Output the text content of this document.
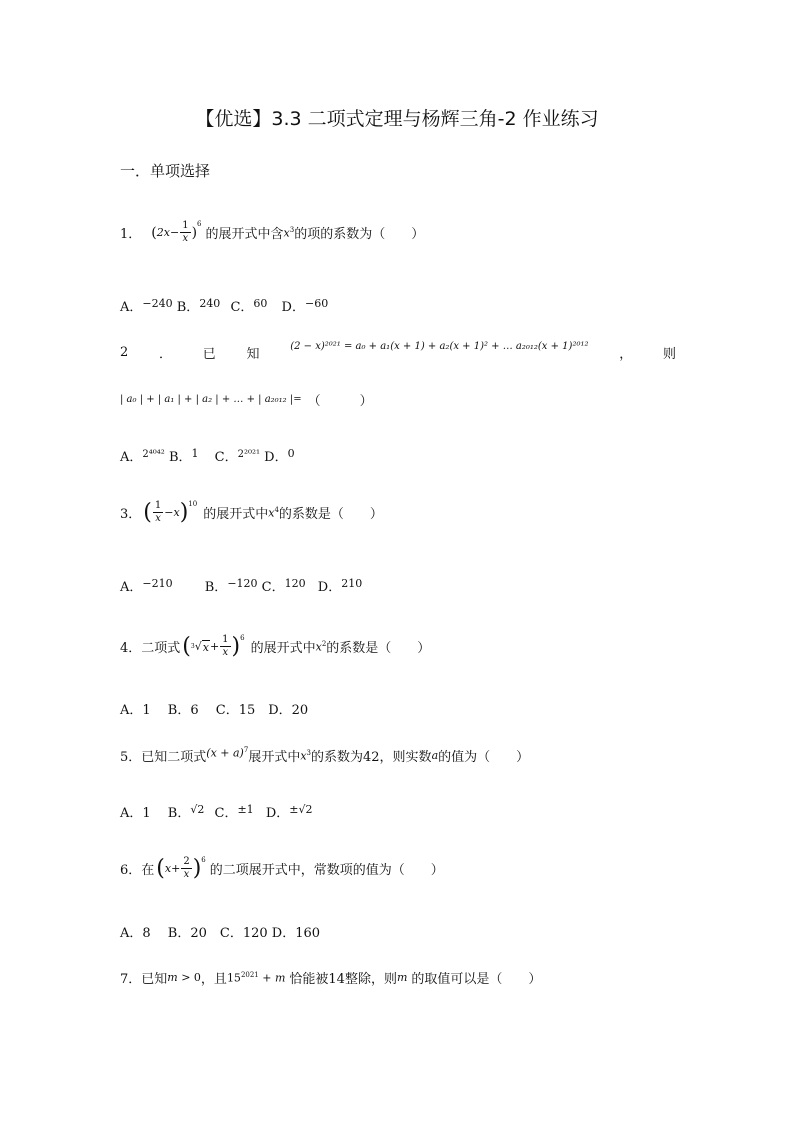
【优选】3.3 二项式定理与杨辉三角-2 作业练习
一．单项选择
1． ( 2 $x - \frac{1}{x}$ )
6
的展开式中含 $x^3$ 的项的系数为（　　）
A．$^{-240}$ B．$^{240}$ C．$^{60}$ D．$^{-60}$
2 ． 已 知
(2 − x)²⁰²¹ = a₀ + a₁(x + 1) + a₂(x + 1)² + … a₂₀₁₂(x + 1)²⁰¹²
， 则
| a₀ | + | a₁ | + | a₂ | + … + | a₂₀₁₂ |= （　　　）
A．$^{2^{4042}}$ B．$^1$ C．$^{2^{2021}}$ D．$^0$
3． ( $\frac{1}{x} - x$ ) 10
的展开式中 $x^4$ 的系数是（　　）
A．$^{-210}$ B．$^{-120}$ C．$^{120}$ D．$^{210}$
4．二项式 ( 3 √ $x + \frac{1}{x}$ ) 6
的展开式中 $x^2$ 的系数是（　　）
A．1　 B．6　 C．15　D．20
5．已知二项式 $(x + a)^7$
展开式中 $x^3$ 的系数为42，则实数 a 的值为（　　）
A．1　 B．$^{√2}$ C．$^{\pm 1}$ D．$^{\pm√2}$
6．在 ( $x + \frac{2}{x}$ ) 6
的二项展开式中，常数项的值为（　　）
A．8　 B．20　C．120 D．160
7．已知 m > 0 ，且 $15^{2021} + m$ 恰能被14整除，则 m 的取值可以是（　　）
